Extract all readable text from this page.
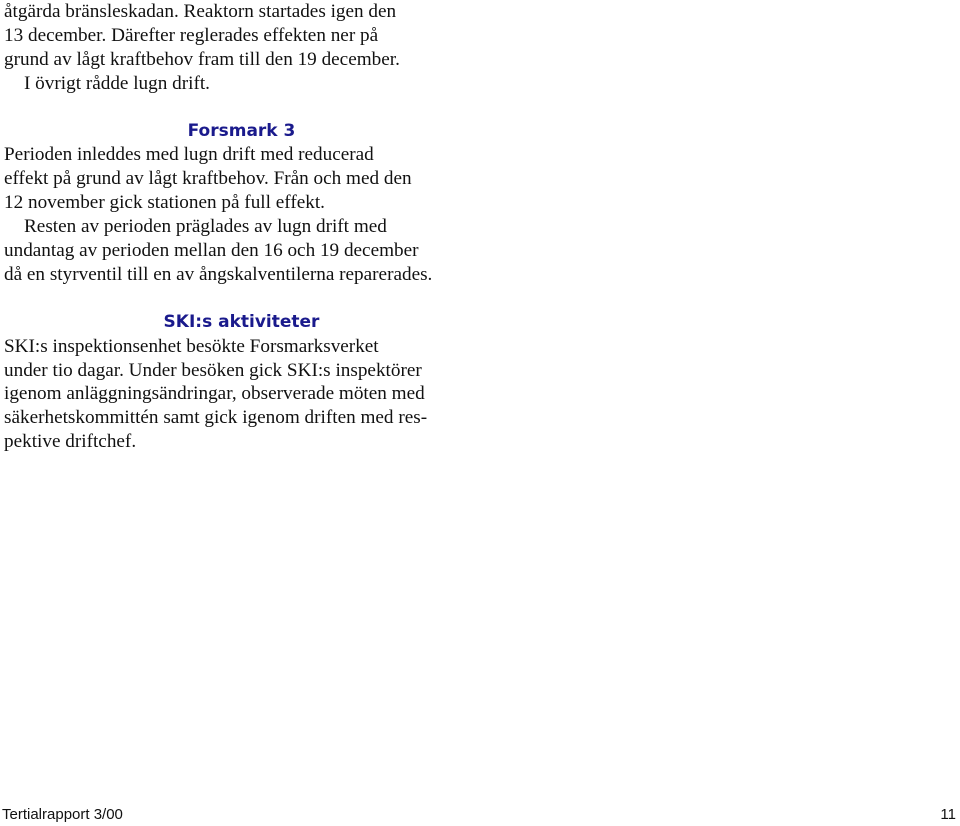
åtgärda bränsleskadan. Reaktorn startades igen den
13 december. Därefter reglerades effekten ner på
grund av lågt kraftbehov fram till den 19 december.
I övrigt rådde lugn drift.
Forsmark 3
Perioden inleddes med lugn drift med reducerad
effekt på grund av lågt kraftbehov. Från och med den
12 november gick stationen på full effekt.
Resten av perioden präglades av lugn drift med
undantag av perioden mellan den 16 och 19 december
då en styrventil till en av ångskalventilerna reparerades.
SKI:s aktiviteter
SKI:s inspektionsenhet besökte Forsmarksverket
under tio dagar. Under besöken gick SKI:s inspektörer
igenom anläggningsändringar, observerade möten med
säkerhetskommittén samt gick igenom driften med res-
pektive driftchef.
Tertialrapport 3/00	11
